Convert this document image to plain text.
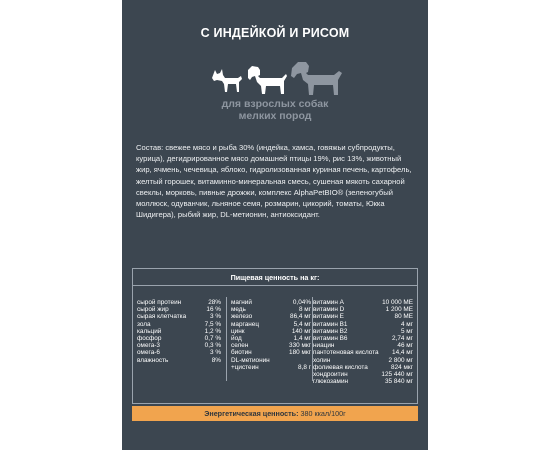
С ИНДЕЙКОЙ И РИСОМ
для взрослых собак
мелких пород
Состав: свежее мясо и рыба 30% (индейка, хамса, говяжьи субпродукты, курица), дегидрированное мясо домашней птицы 19%, рис 13%, животный жир, ячмень, чечевица, яблоко, гидролизованная куриная печень, картофель, желтый горошек, витаминно-минеральная смесь, сушеная мякоть сахарной свеклы, морковь, пивные дрожжи, комплекс AlphaPetBIO® (зеленогубый моллюск, одуванчик, льняное семя, розмарин, цикорий, томаты, Юкка Шидигера), рыбий жир, DL-метионин, антиоксидант.
Пищевая ценность на кг:
сырой протеин	28%
сырой жир	16 %
сырая клетчатка	3 %
зола	7,5 %
кальций	1,2 %
фосфор	0,7 %
омега-3	0,3 %
омега-6	3 %
влажность	8%
магний	0,04%
медь	8 мг
железо	86,4 мг
марганец	5,4 мг
цинк	140 мг
йод	1,4 мг
селен	330 мкг
биотин	180 мкг
DL-метионин
+цистеин	8,8 г
витамин А	10 000 МЕ
витамин D	1 200 МЕ
витамин Е	80 МЕ
витамин В1	4 мг
витамин В2	5 мг
витамин В6	2,74 мг
ниацин	46 мг
пантотеновая кислота 14,4 мг
холин	2 800 мг
фолиевая кислота	824 мкг
хондроитин	125 440 мг
глюкозамин	35 840 мг
Энергетическая ценность: 380 ккал/100г
